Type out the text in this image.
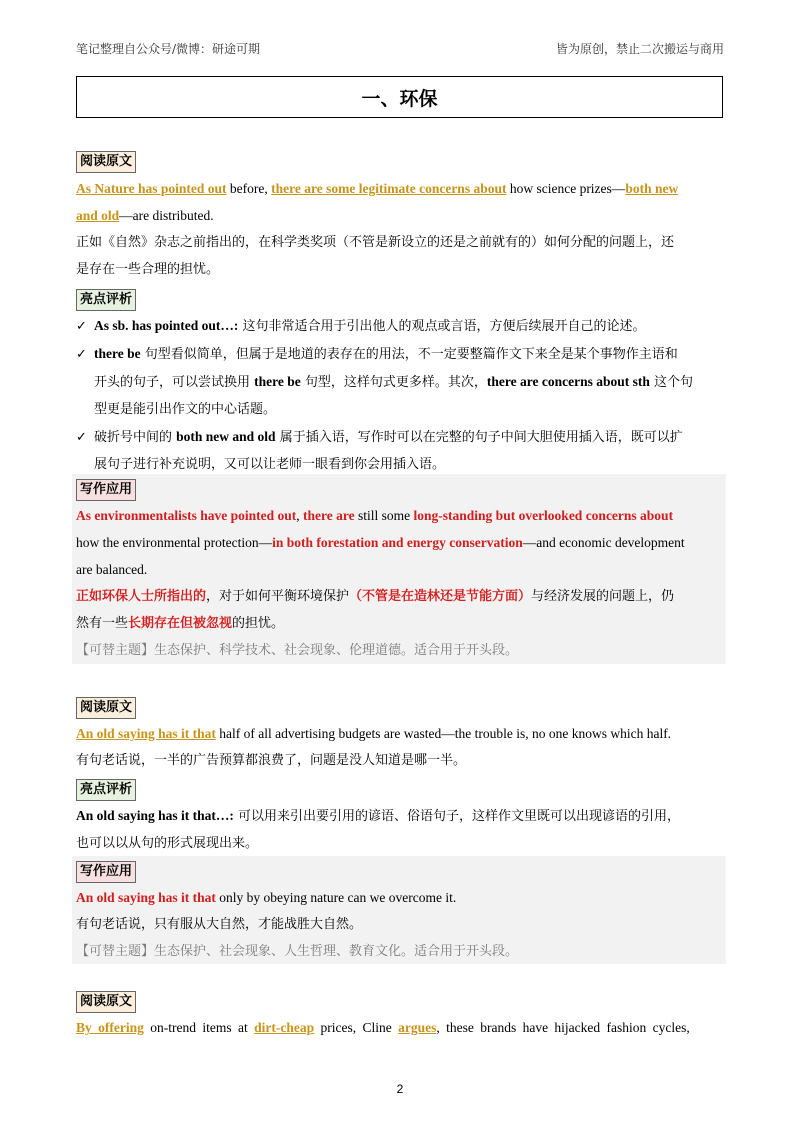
笔记整理自公众号/微博：研途可期	皆为原创，禁止二次搬运与商用
一、环保
阅读原文
As Nature has pointed out before, there are some legitimate concerns about how science prizes—both new
and old—are distributed.
正如《自然》杂志之前指出的，在科学类奖项（不管是新设立的还是之前就有的）如何分配的问题上，还
是存在一些合理的担忧。
亮点评析
✓ As sb. has pointed out…: 这句非常适合用于引出他人的观点或言语，方便后续展开自己的论述。
✓ there be 句型看似简单，但属于是地道的表存在的用法，不一定要整篇作文下来全是某个事物作主语和
开头的句子，可以尝试换用 there be 句型，这样句式更多样。其次，there are concerns about sth 这个句
型更是能引出作文的中心话题。
✓ 破折号中间的 both new and old 属于插入语，写作时可以在完整的句子中间大胆使用插入语，既可以扩
展句子进行补充说明，又可以让老师一眼看到你会用插入语。
写作应用
As environmentalists have pointed out, there are still some long-standing but overlooked concerns about
how the environmental protection—in both forestation and energy conservation—and economic development
are balanced.
正如环保人士所指出的，对于如何平衡环境保护（不管是在造林还是节能方面）与经济发展的问题上，仍
然有一些长期存在但被忽视的担忧。
【可替主题】生态保护、科学技术、社会现象、伦理道德。适合用于开头段。
阅读原文
An old saying has it that half of all advertising budgets are wasted—the trouble is, no one knows which half.
有句老话说，一半的广告预算都浪费了，问题是没人知道是哪一半。
亮点评析
An old saying has it that…: 可以用来引出要引用的谚语、俗语句子，这样作文里既可以出现谚语的引用，
也可以以从句的形式展现出来。
写作应用
An old saying has it that only by obeying nature can we overcome it.
有句老话说，只有服从大自然，才能战胜大自然。
【可替主题】生态保护、社会现象、人生哲理、教育文化。适合用于开头段。
阅读原文
By offering on-trend items at dirt-cheap prices, Cline argues, these brands have hijacked fashion cycles,
2
